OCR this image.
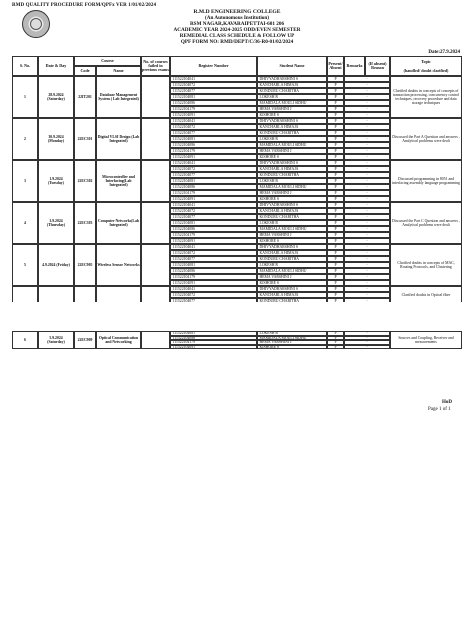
RMD QUALITY PROCEDURE FORM/QPFx VER 1/01/02/2024
R.M.D ENGINEERING COLLEGE
(An Autonomous Institution)
RSM NAGAR,KAVARAIPETTAI-601 206
ACADEMIC YEAR 2024-2025 ODD/EVEN SEMESTER
REMEDIAL CLASS SCHEDULE & FOLLOW UP
QPF FORM NO: RMD/DEPT/C/36-R0-01/02/2024
Date:27.9.2024
S. No.	Date & Day
Course
Code	Name
No. of courses failed in previous exams
Register Number	Student Name	Present/ Absent	Remarks	(If absent) Reason
Topic
(handled/ doubt clarified)
1	28.9.2024
(Saturday)	22IT201	Database Management System ( Lab Integrated)
111522104041	DHIVYADHARSHINI S	P	-
111522104072	KANCHARLA HIMAJA	P	-
111522104077	KONDURU CHARITHA	P	-
111522104081	LOKESH R	P	-
111522104086	MAMIDALA MOULI SIDHU	P	-
111522104179	HEMA VARSHINI J	P	-
111522104091	KISHORE S	P	-
Clarified doubts in concepts of concepts of transaction processing, concurrency control techniques, recovery procedure and data storage techniques
2	30.9.2024
(Monday)	22EC301	Digital VLSI Design (Lab Integrated)
111522104041	DHIVYADHARSHINI S	P	-
111522104072	KANCHARLA HIMAJA	P	-
111522104077	KONDURU CHARITHA	P	-
111522104081	LOKESH R	P	-
111522104086	MAMIDALA MOULI SIDHU	P	-
111522104179	HEMA VARSHINI J	P	-
111522104091	KISHORE S	P	-
Discussed the Part A Question and answers , Analytical problems were dealt
3	1.9.2024
(Tuesday)	22EC302
Microcontroller and Interfacing(Lab Integrated)
111522104041	DHIVYADHARSHINI S	P	-
111522104072	KANCHARLA HIMAJA	P	-
111522104077	KONDURU CHARITHA	P	-
111522104081	LOKESH R	P	-
111522104086	MAMIDALA MOULI SIDHU	P	-
111522104179	HEMA VARSHINI J	P	-
111522104091	KISHORE S	P	-
Discussed programming in 8051 and interfacing assembly language programming
4	3.9.2024
(Thursday)	22EC303	Computer Networks(Lab Integrated)
111522104041	DHIVYADHARSHINI S	P	-
111522104072	KANCHARLA HIMAJA	P	-
111522104077	KONDURU CHARITHA	P	-
111522104081	LOKESH R	P	-
111522104086	MAMIDALA MOULI SIDHU	P	-
111522104179	HEMA VARSHINI J	P	-
111522104091	KISHORE S	P	-
Discussed the Part C Question and answers , Analytical problems were dealt
5	4.9.2024 (Friday)	22EC905	Wireless Sensor Networks
111522104041	DHIVYADHARSHINI S	P	-
111522104072	KANCHARLA HIMAJA	P	-
111522104077	KONDURU CHARITHA	P	-
111522104081	LOKESH R	P	-
111522104086	MAMIDALA MOULI SIDHU	P	-
111522104179	HEMA VARSHINI J	P	-
111522104091	KISHORE S	P	-
Clarified doubts in concepts of MAC, Routing Protocols, and Clustering
111522104041	DHIVYADHARSHINI S	P	-
111522104072	KANCHARLA HIMAJA	P	-
111522104077	KONDURU CHARITHA	P	-
Clarified doubts in Optical fiber
6	5.9.2024
(Saturday)	22EC909	Optical Communication and Networking
111522104081	LOKESH R	P	-
111522104086	MAMIDALA MOULI SIDHU	P	-
111522104179	HEMA VARSHINI J	P	-
111522104091	KISHORE S	P	-
Sources and Coupling, Receiver and measurements
HoD
Page 1 of 1
